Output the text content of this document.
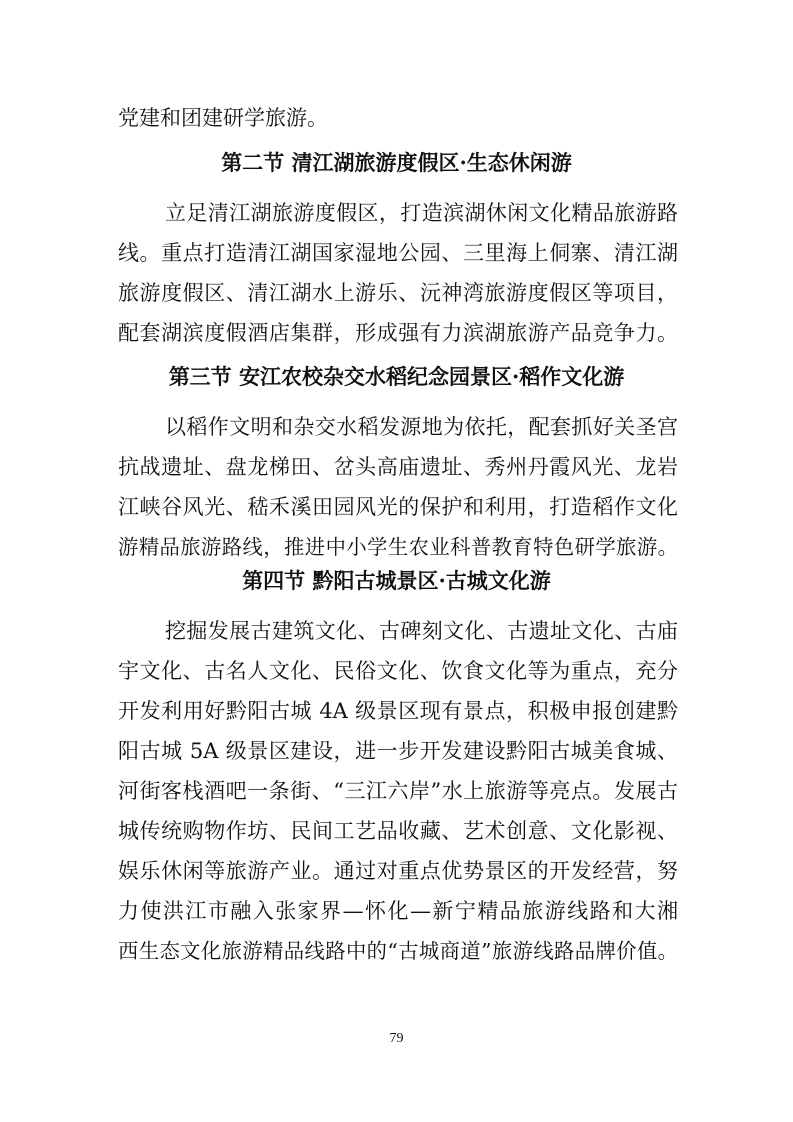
党建和团建研学旅游。
第二节 清江湖旅游度假区·生态休闲游
立足清江湖旅游度假区，打造滨湖休闲文化精品旅游路
线。重点打造清江湖国家湿地公园、三里海上侗寨、清江湖
旅游度假区、清江湖水上游乐、沅神湾旅游度假区等项目，
配套湖滨度假酒店集群，形成强有力滨湖旅游产品竞争力。
第三节 安江农校杂交水稻纪念园景区·稻作文化游
以稻作文明和杂交水稻发源地为依托，配套抓好关圣宫
抗战遗址、盘龙梯田、岔头高庙遗址、秀州丹霞风光、龙岩
江峡谷风光、嵇禾溪田园风光的保护和利用，打造稻作文化
游精品旅游路线，推进中小学生农业科普教育特色研学旅游。
第四节 黔阳古城景区·古城文化游
挖掘发展古建筑文化、古碑刻文化、古遗址文化、古庙
宇文化、古名人文化、民俗文化、饮食文化等为重点，充分
开发利用好黔阳古城 4A 级景区现有景点，积极申报创建黔
阳古城 5A 级景区建设，进一步开发建设黔阳古城美食城、
河街客栈酒吧一条街、“三江六岸”水上旅游等亮点。发展古
城传统购物作坊、民间工艺品收藏、艺术创意、文化影视、
娱乐休闲等旅游产业。通过对重点优势景区的开发经营，努
力使洪江市融入张家界—怀化—新宁精品旅游线路和大湘
西生态文化旅游精品线路中的“古城商道”旅游线路品牌价值。
79
